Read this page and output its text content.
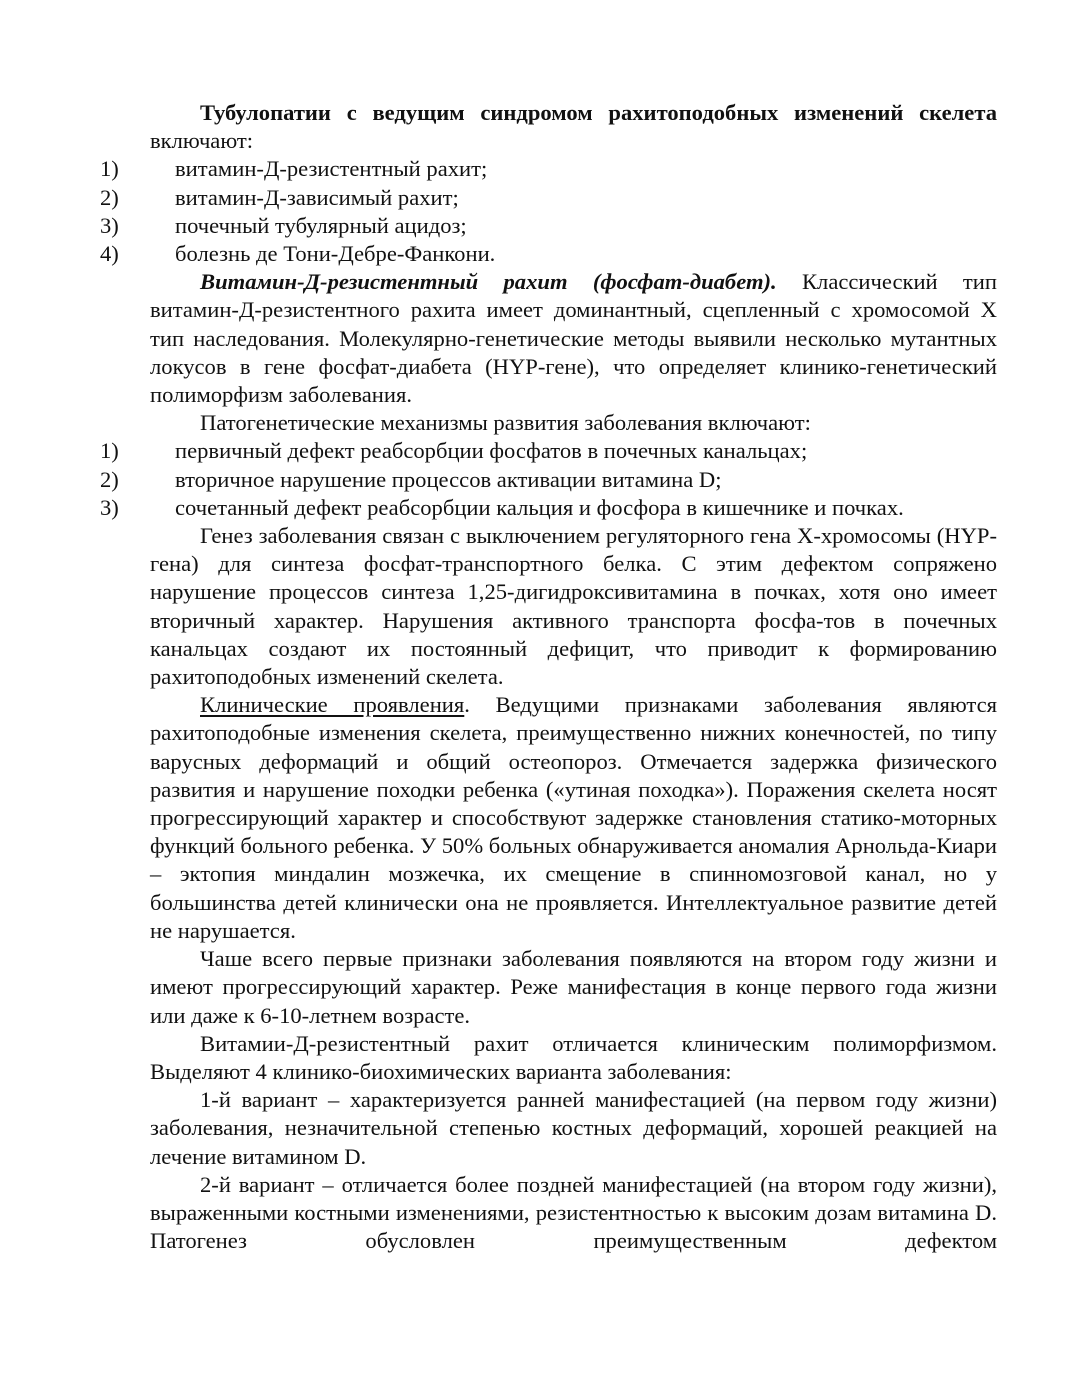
Тубулопатии с ведущим синдромом рахитоподобных изменений скелета включают:

1) витамин-Д-резистентный рахит;
2) витамин-Д-зависимый рахит;
3) почечный тубулярный ацидоз;
4) болезнь де Тони-Дебре-Фанкони.

Витамин-Д-резистентный рахит (фосфат-диабет). Классический тип витамин-Д-резистентного рахита имеет доминантный, сцепленный с хромосомой Х тип наследования. Молекулярно-генетические методы выявили несколько мутантных локусов в гене фосфат-диабета (HYP-гене), что определяет клинико-генетический полиморфизм заболевания.

Патогенетические механизмы развития заболевания включают:

1) первичный дефект реабсорбции фосфатов в почечных канальцах;
2) вторичное нарушение процессов активации витамина D;
3) сочетанный дефект реабсорбции кальция и фосфора в кишечнике и почках.

Генез заболевания связан с выключением регуляторного гена Х-хромосомы (HYP-гена) для синтеза фосфат-транспортного белка. С этим дефектом сопряжено нарушение процессов синтеза 1,25-дигидроксивитамина в почках, хотя оно имеет вторичный характер. Нарушения активного транспорта фосфа-тов в почечных канальцах создают их постоянный дефицит, что приводит к формированию рахитоподобных изменений скелета.

Клинические проявления. Ведущими признаками заболевания являются рахитоподобные изменения скелета, преимущественно нижних конечностей, по типу варусных деформаций и общий остеопороз. Отмечается задержка физического развития и нарушение походки ребенка («утиная походка»). Поражения скелета носят прогрессирующий характер и способствуют задержке становления статико-моторных функций больного ребенка. У 50% больных обнаруживается аномалия Арнольда-Киари – эктопия миндалин мозжечка, их смещение в спинномозговой канал, но у большинства детей клинически она не проявляется. Интеллектуальное развитие детей не нарушается.

Чаше всего первые признаки заболевания появляются на втором году жизни и имеют прогрессирующий характер. Реже манифестация в конце первого года жизни или даже к 6-10-летнем возрасте.

Витамии-Д-резистентный рахит отличается клиническим полиморфизмом. Выделяют 4 клинико-биохимических варианта заболевания:

1-й вариант – характеризуется ранней манифестацией (на первом году жизни) заболевания, незначительной степенью костных деформаций, хорошей реакцией на лечение витамином D.

2-й вариант – отличается более поздней манифестацией (на втором году жизни), выраженными костными изменениями, резистентностью к высоким дозам витамина D. Патогенез обусловлен преимущественным дефектом
